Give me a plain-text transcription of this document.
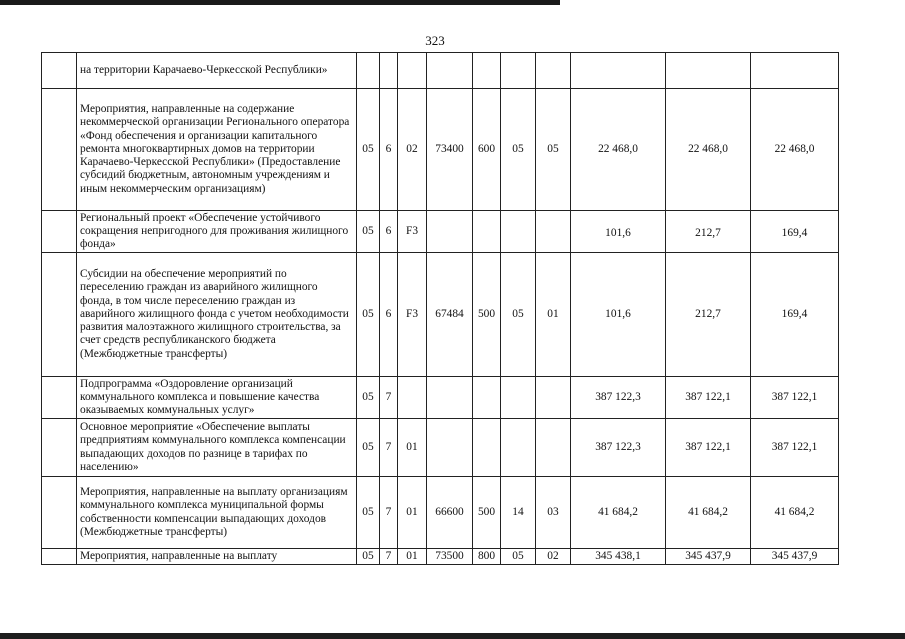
323
	на территории Карачаево-Черкесской Республики»										
	Мероприятия, направленные на содержание некоммерческой организации Регионального оператора «Фонд обеспечения и организации капитального ремонта многоквартирных домов на территории Карачаево-Черкесской Республики» (Предоставление субсидий бюджетным, автономным учреждениям и иным некоммерческим организациям)	05	6	02	73400	600	05	05	22 468,0	22 468,0	22 468,0
	Региональный проект «Обеспечение устойчивого сокращения непригодного для проживания жилищного фонда»	05	6	F3					101,6	212,7	169,4
	Субсидии на обеспечение мероприятий по переселению граждан из аварийного жилищного фонда, в том числе переселению граждан из аварийного жилищного фонда с учетом необходимости развития малоэтажного жилищного строительства, за счет средств республиканского бюджета (Межбюджетные трансферты)	05	6	F3	67484	500	05	01	101,6	212,7	169,4
	Подпрограмма «Оздоровление организаций коммунального комплекса и повышение качества оказываемых коммунальных услуг»	05	7						387 122,3	387 122,1	387 122,1
	Основное мероприятие «Обеспечение выплаты предприятиям коммунального комплекса компенсации выпадающих доходов по разнице в тарифах по населению»	05	7	01					387 122,3	387 122,1	387 122,1
	Мероприятия, направленные на выплату организациям коммунального комплекса муниципальной формы собственности компенсации выпадающих доходов (Межбюджетные трансферты)	05	7	01	66600	500	14	03	41 684,2	41 684,2	41 684,2
	Мероприятия, направленные на выплату	05	7	01	73500	800	05	02	345 438,1	345 437,9	345 437,9
